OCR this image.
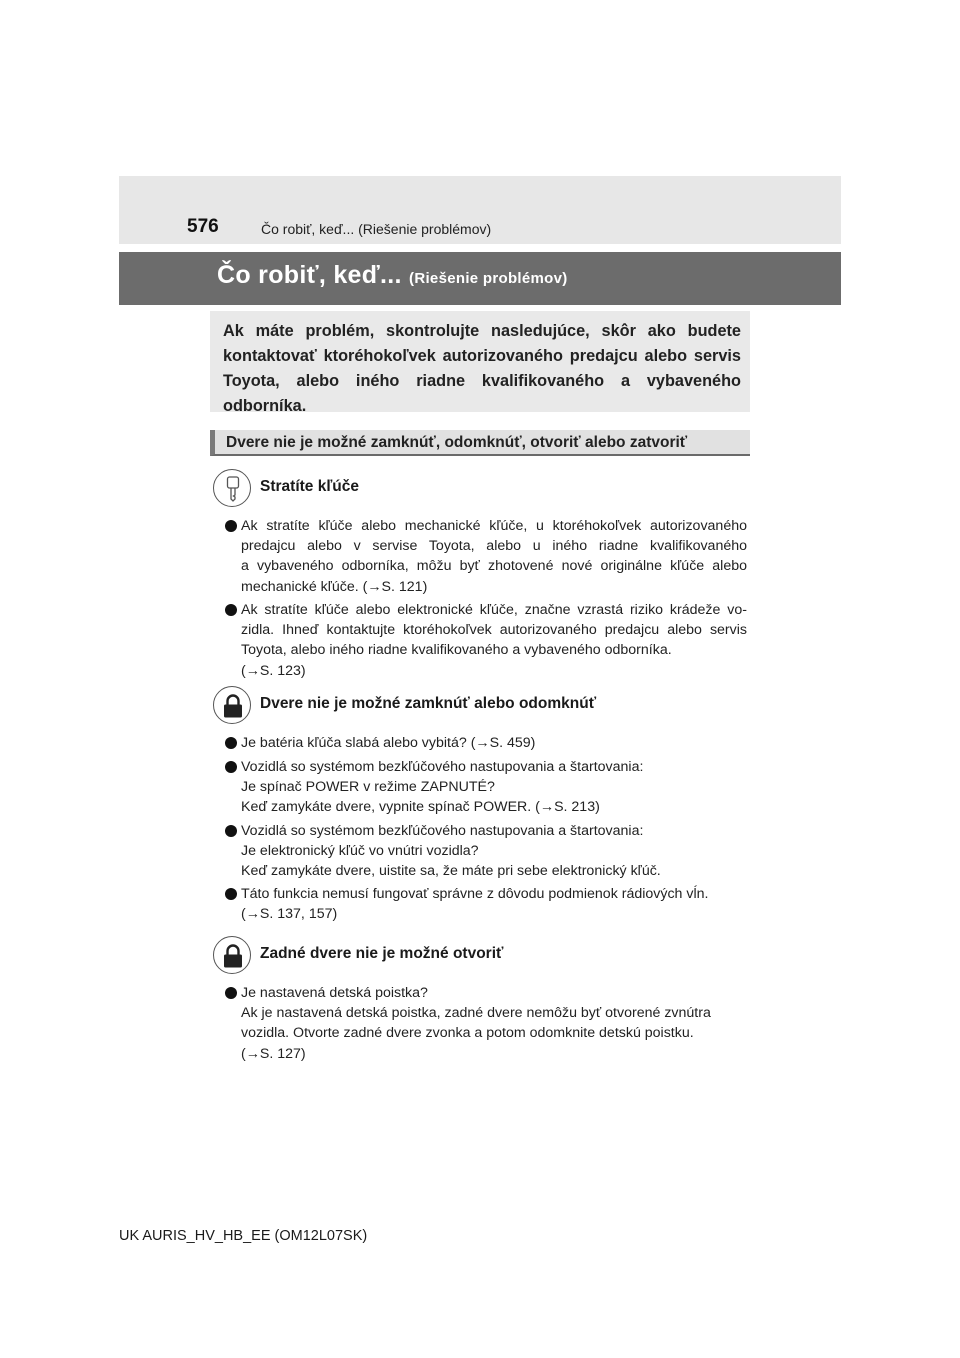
576	Čo robiť, keď... (Riešenie problémov)
Čo robiť, keď... (Riešenie problémov)
Ak máte problém, skontrolujte nasledujúce, skôr ako budete kontaktovať ktoréhokoľvek autorizovaného predajcu alebo servis Toyota, alebo iného riadne kvalifikovaného a vybaveného odborníka.
Dvere nie je možné zamknúť, odomknúť, otvoriť alebo zatvoriť
Stratíte kľúče
Ak stratíte kľúče alebo mechanické kľúče, u ktoréhokoľvek autorizovaného
predajcu alebo v servise Toyota, alebo u iného riadne kvalifikovaného
a vybaveného odborníka, môžu byť zhotovené nové originálne kľúče alebo
mechanické kľúče. (→S. 121)
Ak stratíte kľúče alebo elektronické kľúče, značne vzrastá riziko krádeže vo-
zidla. Ihneď kontaktujte ktoréhokoľvek autorizovaného predajcu alebo servis
Toyota, alebo iného riadne kvalifikovaného a vybaveného odborníka.
(→S. 123)
Dvere nie je možné zamknúť alebo odomknúť
Je batéria kľúča slabá alebo vybitá? (→S. 459)
Vozidlá so systémom bezkľúčového nastupovania a štartovania:
Je spínač POWER v režime ZAPNUTÉ?
Keď zamykáte dvere, vypnite spínač POWER. (→S. 213)
Vozidlá so systémom bezkľúčového nastupovania a štartovania:
Je elektronický kľúč vo vnútri vozidla?
Keď zamykáte dvere, uistite sa, že máte pri sebe elektronický kľúč.
Táto funkcia nemusí fungovať správne z dôvodu podmienok rádiových vĺn.
(→S. 137, 157)
Zadné dvere nie je možné otvoriť
Je nastavená detská poistka?
Ak je nastavená detská poistka, zadné dvere nemôžu byť otvorené zvnútra
vozidla. Otvorte zadné dvere zvonka a potom odomknite detskú poistku.
(→S. 127)
UK AURIS_HV_HB_EE (OM12L07SK)
